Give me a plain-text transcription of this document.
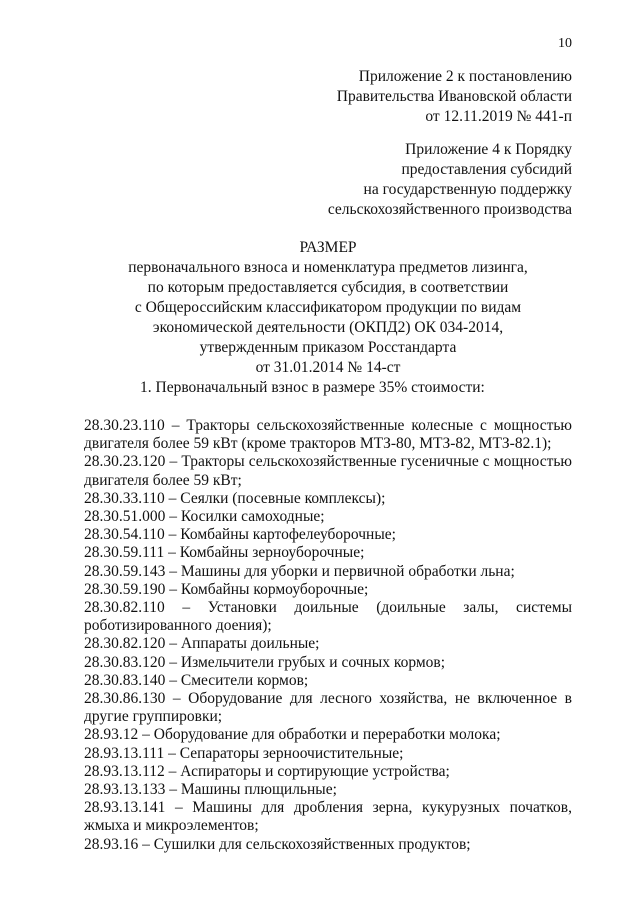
10
Приложение 2 к постановлению
Правительства Ивановской области
от 12.11.2019 № 441-п
Приложение 4 к Порядку
предоставления субсидий
на государственную поддержку
сельскохозяйственного производства
РАЗМЕР
первоначального взноса и номенклатура предметов лизинга,
по которым предоставляется субсидия, в соответствии
с Общероссийским классификатором продукции по видам
экономической деятельности (ОКПД2) ОК 034-2014,
утвержденным приказом Росстандарта
от 31.01.2014 № 14-ст
1. Первоначальный взнос в размере 35% стоимости:
28.30.23.110 – Тракторы сельскохозяйственные колесные с мощностью двигателя более 59 кВт (кроме тракторов МТЗ-80, МТЗ-82, МТЗ-82.1);
28.30.23.120 – Тракторы сельскохозяйственные гусеничные с мощностью двигателя более 59 кВт;
28.30.33.110 – Сеялки (посевные комплексы);
28.30.51.000 – Косилки самоходные;
28.30.54.110 – Комбайны картофелеуборочные;
28.30.59.111 – Комбайны зерноуборочные;
28.30.59.143 – Машины для уборки и первичной обработки льна;
28.30.59.190 – Комбайны кормоуборочные;
28.30.82.110 – Установки доильные (доильные залы, системы роботизированного доения);
28.30.82.120 – Аппараты доильные;
28.30.83.120 – Измельчители грубых и сочных кормов;
28.30.83.140 – Смесители кормов;
28.30.86.130 – Оборудование для лесного хозяйства, не включенное в другие группировки;
28.93.12 – Оборудование для обработки и переработки молока;
28.93.13.111 – Сепараторы зерноочистительные;
28.93.13.112 – Аспираторы и сортирующие устройства;
28.93.13.133 – Машины плющильные;
28.93.13.141 – Машины для дробления зерна, кукурузных початков, жмыха и микроэлементов;
28.93.16 – Сушилки для сельскохозяйственных продуктов;
